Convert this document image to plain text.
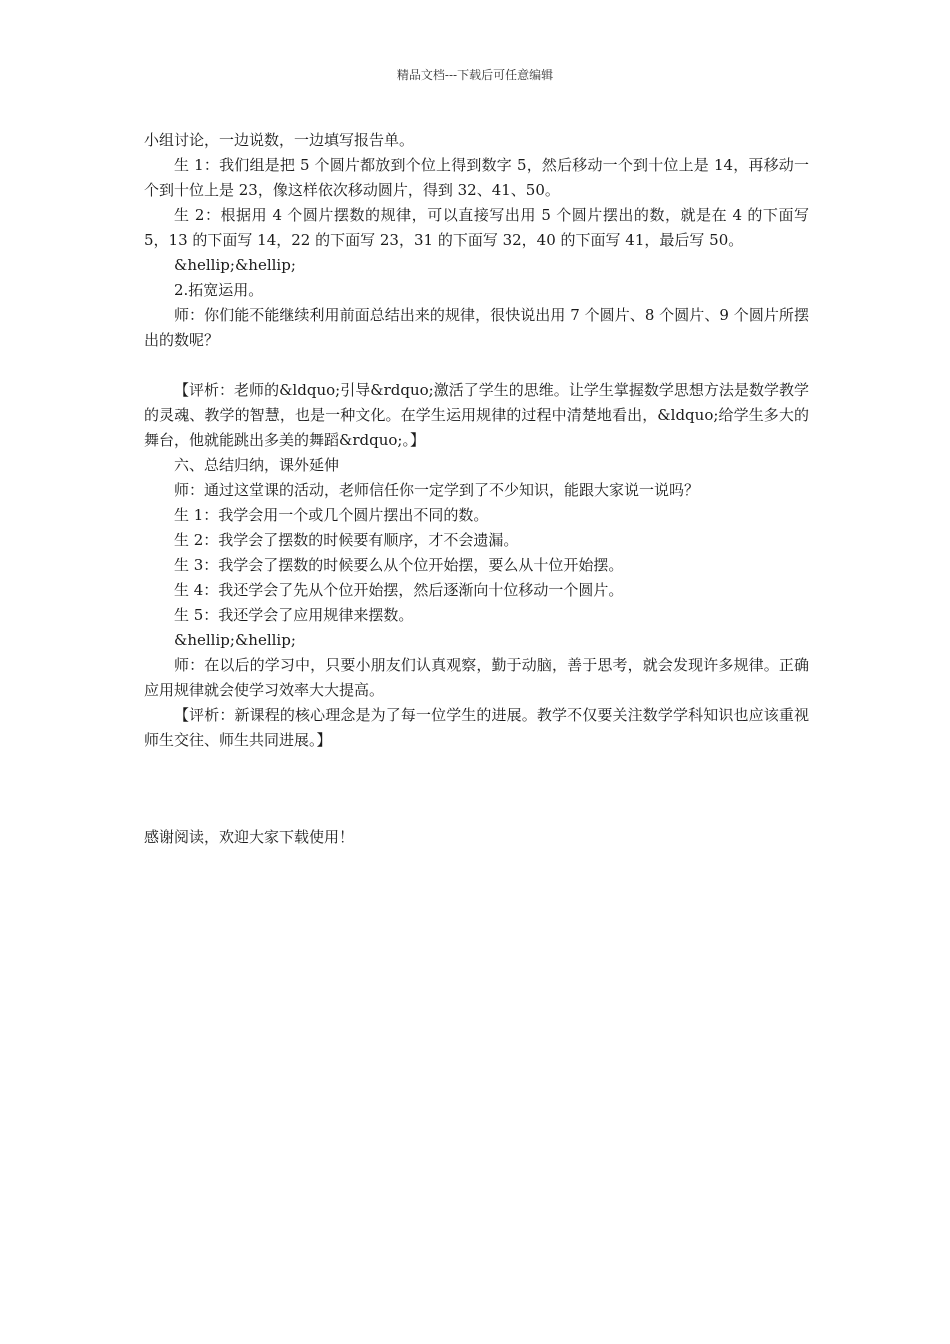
精品文档---下载后可任意编辑

小组讨论，一边说数，一边填写报告单。

生 1：我们组是把 5 个圆片都放到个位上得到数字 5，然后移动一个到十位上是 14，再移动一个到十位上是 23，像这样依次移动圆片，得到 32、41、50。

生 2：根据用 4 个圆片摆数的规律，可以直接写出用 5 个圆片摆出的数，就是在 4 的下面写 5，13 的下面写 14，22 的下面写 23，31 的下面写 32，40 的下面写 41，最后写 50。

&hellip;&hellip;

2.拓宽运用。

师：你们能不能继续利用前面总结出来的规律，很快说出用 7 个圆片、8 个圆片、9 个圆片所摆出的数呢？

【评析：老师的&ldquo;引导&rdquo;激活了学生的思维。让学生掌握数学思想方法是数学教学的灵魂、教学的智慧，也是一种文化。在学生运用规律的过程中清楚地看出，&ldquo;给学生多大的舞台，他就能跳出多美的舞蹈&rdquo;。】

六、总结归纳，课外延伸

师：通过这堂课的活动，老师信任你一定学到了不少知识，能跟大家说一说吗？

生 1：我学会用一个或几个圆片摆出不同的数。

生 2：我学会了摆数的时候要有顺序，才不会遗漏。

生 3：我学会了摆数的时候要么从个位开始摆，要么从十位开始摆。

生 4：我还学会了先从个位开始摆，然后逐渐向十位移动一个圆片。

生 5：我还学会了应用规律来摆数。

&hellip;&hellip;

师：在以后的学习中，只要小朋友们认真观察，勤于动脑，善于思考，就会发现许多规律。正确应用规律就会使学习效率大大提高。

【评析：新课程的核心理念是为了每一位学生的进展。教学不仅要关注数学学科知识也应该重视师生交往、师生共同进展。】

感谢阅读，欢迎大家下载使用！
